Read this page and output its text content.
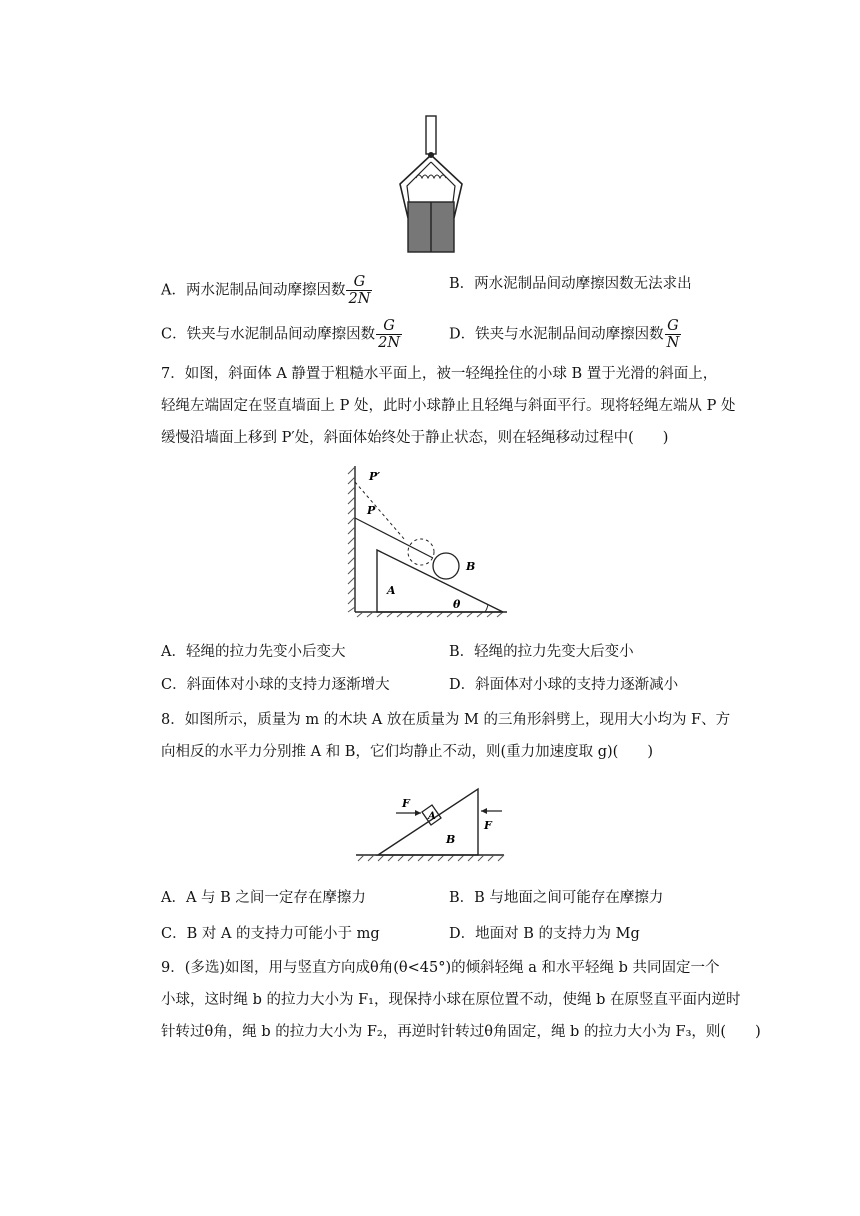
A．两水泥制品间动摩擦因数 $\frac{G}{2N}$	B．两水泥制品间动摩擦因数无法求出
C．铁夹与水泥制品间动摩擦因数 $\frac{G}{2N}$	D．铁夹与水泥制品间动摩擦因数 $\frac{G}{N}$
7．如图，斜面体 A 静置于粗糙水平面上，被一轻绳拴住的小球 B 置于光滑的斜面上，
轻绳左端固定在竖直墙面上 P 处，此时小球静止且轻绳与斜面平行。现将轻绳左端从 P 处
缓慢沿墙面上移到 P′处，斜面体始终处于静止状态，则在轻绳移动过程中(　　)
P′
P
B
A
θ
A．轻绳的拉力先变小后变大	B．轻绳的拉力先变大后变小
C．斜面体对小球的支持力逐渐增大	D．斜面体对小球的支持力逐渐减小
8．如图所示，质量为 m 的木块 A 放在质量为 M 的三角形斜劈上，现用大小均为 F、方
向相反的水平力分别推 A 和 B，它们均静止不动，则(重力加速度取 g)(　　)
F
A
F
B
A．A 与 B 之间一定存在摩擦力	B．B 与地面之间可能存在摩擦力
C．B 对 A 的支持力可能小于 mg	D．地面对 B 的支持力为 Mg
9．(多选)如图，用与竖直方向成θ角(θ<45°)的倾斜轻绳 a 和水平轻绳 b 共同固定一个
小球，这时绳 b 的拉力大小为 F₁，现保持小球在原位置不动，使绳 b 在原竖直平面内逆时
针转过θ角，绳 b 的拉力大小为 F₂，再逆时针转过θ角固定，绳 b 的拉力大小为 F₃，则(　　)
